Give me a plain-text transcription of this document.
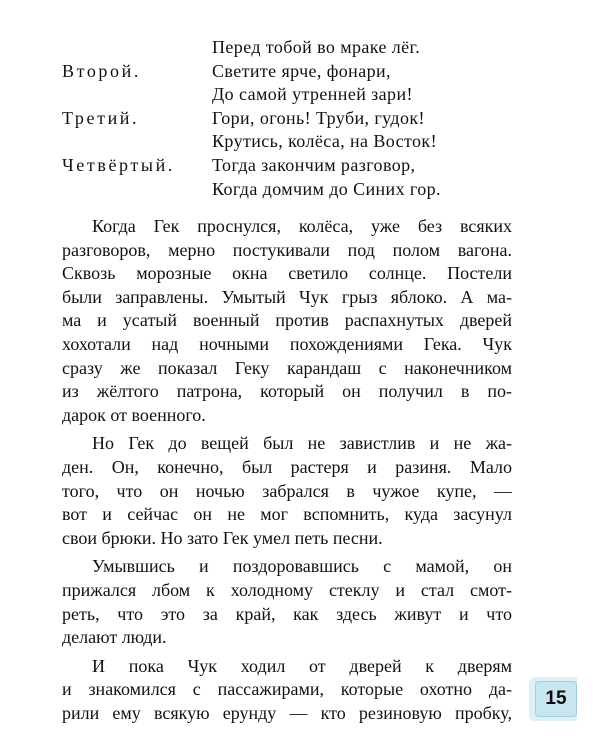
Перед тобой во мраке лёг.
Второй.	Светите ярче, фонари,
До самой утренней зари!
Третий.	Гори, огонь! Труби, гудок!
Крутись, колёса, на Восток!
Четвёртый.	Тогда закончим разговор,
Когда домчим до Синих гор.
Когда Гек проснулся, колёса, уже без всяких
разговоров, мерно постукивали под полом вагона.
Сквозь морозные окна светило солнце. Постели
были заправлены. Умытый Чук грыз яблоко. А ма-
ма и усатый военный против распахнутых дверей
хохотали над ночными похождениями Гека. Чук
сразу же показал Геку карандаш с наконечником
из жёлтого патрона, который он получил в по-
дарок от военного.
Но Гек до вещей был не завистлив и не жа-
ден. Он, конечно, был растеря и разиня. Мало
того, что он ночью забрался в чужое купе, —
вот и сейчас он не мог вспомнить, куда засунул
свои брюки. Но зато Гек умел петь песни.
Умывшись и поздоровавшись с мамой, он
прижался лбом к холодному стеклу и стал смот-
реть, что это за край, как здесь живут и что
делают люди.
И пока Чук ходил от дверей к дверям
и знакомился с пассажирами, которые охотно да-
рили ему всякую ерунду — кто резиновую пробку,
15
